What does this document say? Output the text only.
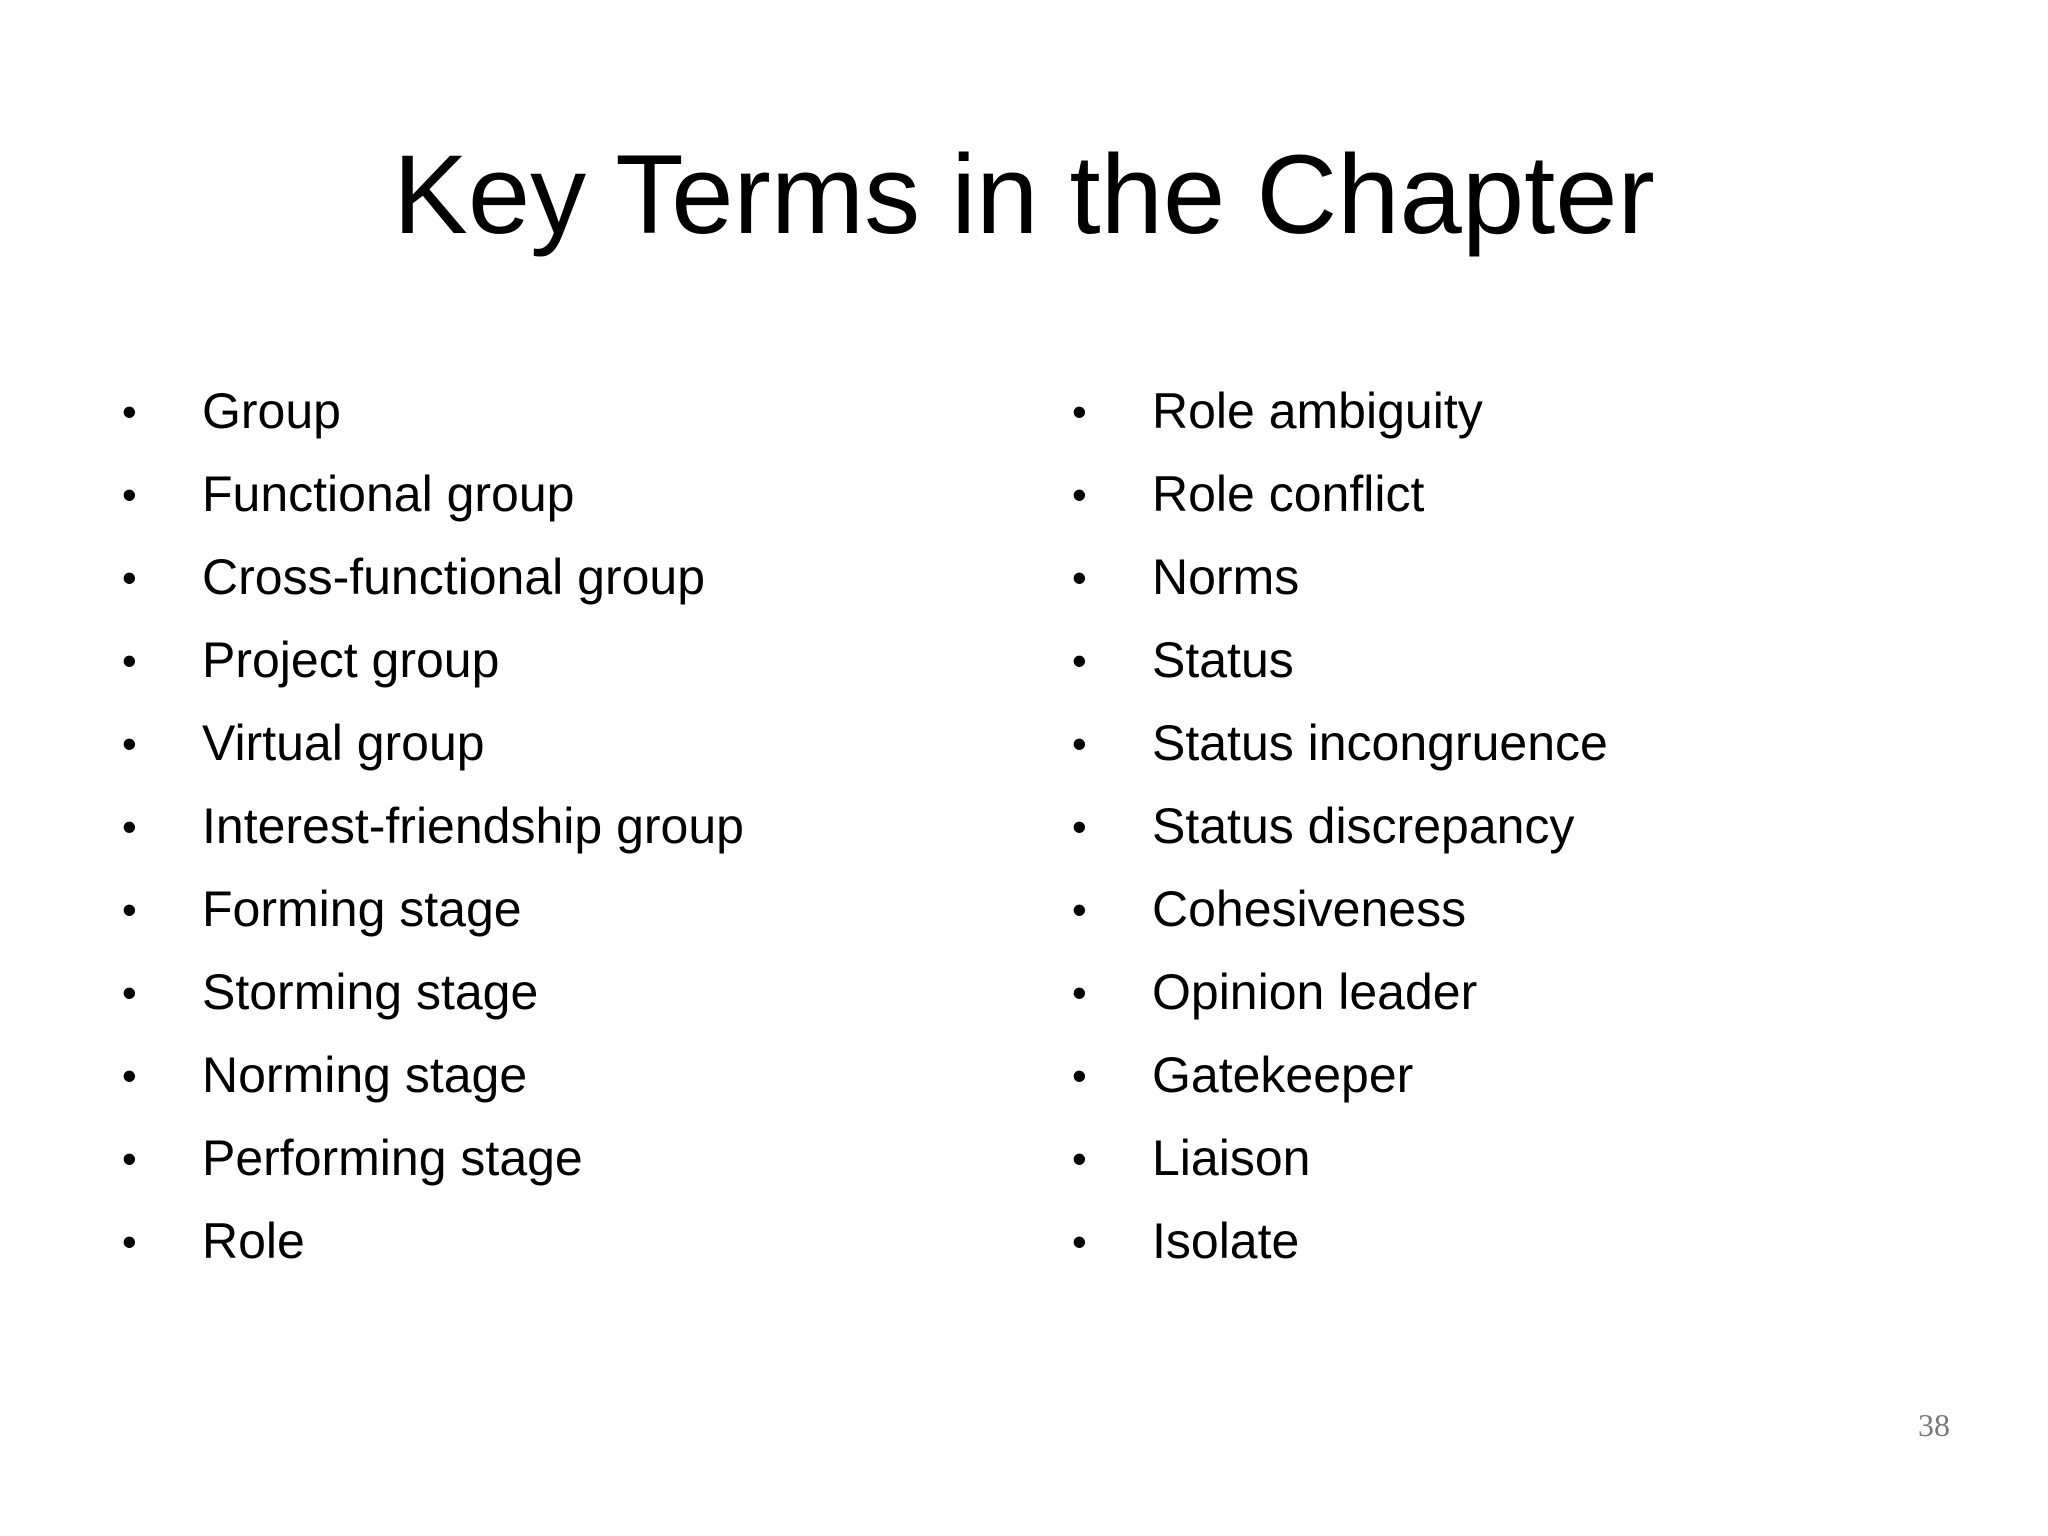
Key Terms in the Chapter
•	Group
•	Functional group
•	Cross-functional group
•	Project group
•	Virtual group
•	Interest-friendship group
•	Forming stage
•	Storming stage
•	Norming stage
•	Performing stage
•	Role
•	Role ambiguity
•	Role conflict
•	Norms
•	Status
•	Status incongruence
•	Status discrepancy
•	Cohesiveness
•	Opinion leader
•	Gatekeeper
•	Liaison
•	Isolate
38
